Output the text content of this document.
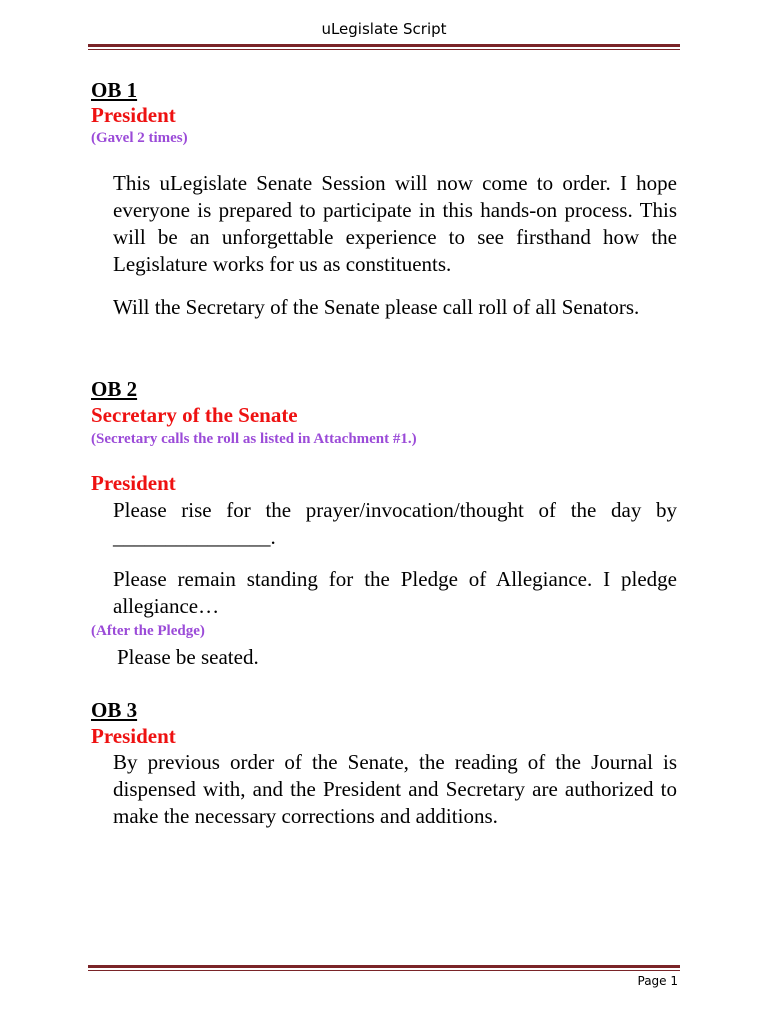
uLegislate Script
OB 1
President
(Gavel 2 times)
This uLegislate Senate Session will now come to order. I hope everyone is prepared to participate in this hands-on process. This will be an unforgettable experience to see firsthand how the Legislature works for us as constituents.
Will the Secretary of the Senate please call roll of all Senators.
OB 2
Secretary of the Senate
(Secretary calls the roll as listed in Attachment #1.)
President
Please rise for the prayer/invocation/thought of the day by _______________.
Please remain standing for the Pledge of Allegiance. I pledge allegiance…
(After the Pledge)
Please be seated.
OB 3
President
By previous order of the Senate, the reading of the Journal is dispensed with, and the President and Secretary are authorized to make the necessary corrections and additions.
Page 1
